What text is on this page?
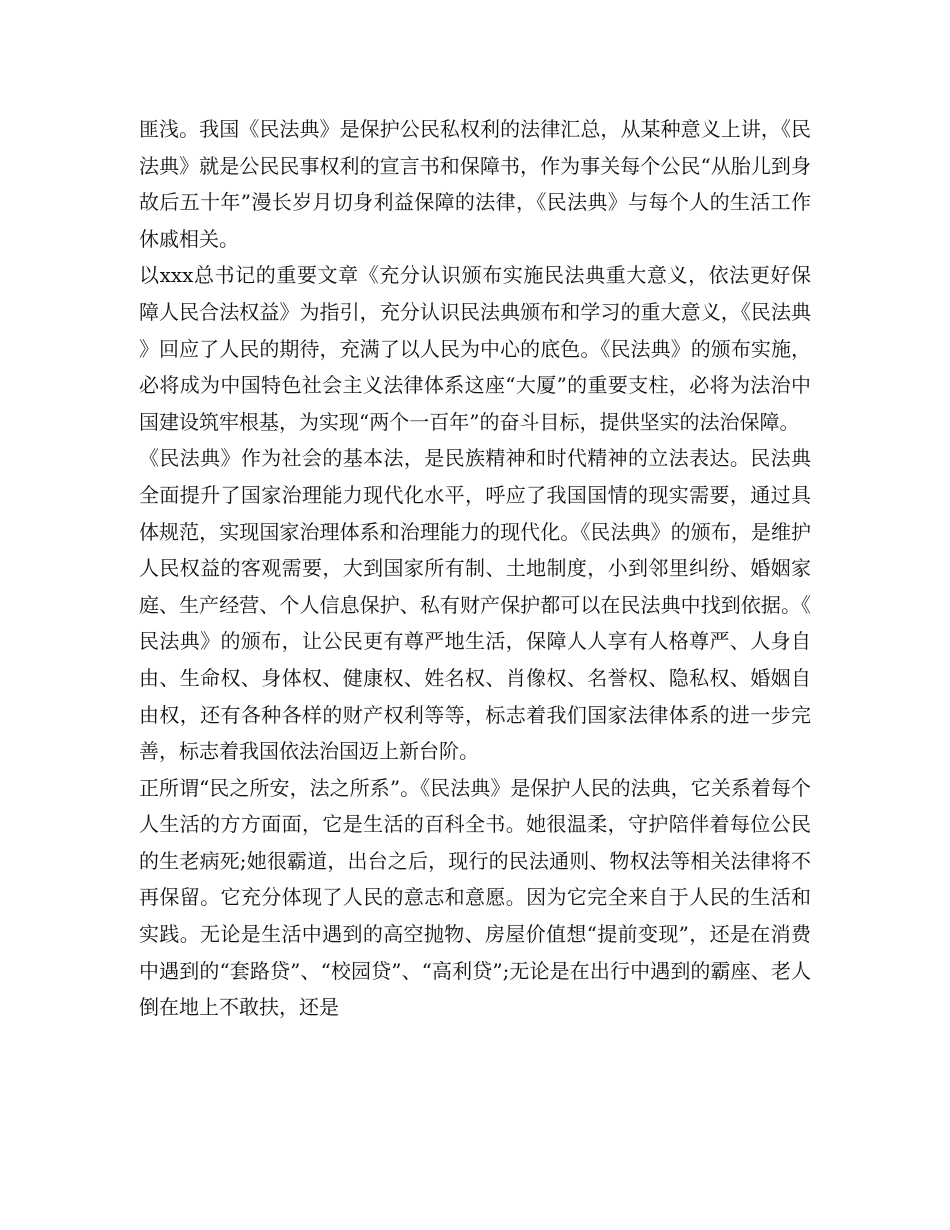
匪浅。我国《民法典》是保护公民私权利的法律汇总，从某种意义上讲，《民法典》就是公民民事权利的宣言书和保障书，作为事关每个公民“从胎儿到身故后五十年”漫长岁月切身利益保障的法律，《民法典》与每个人的生活工作休戚相关。

以xxx总书记的重要文章《充分认识颁布实施民法典重大意义，依法更好保障人民合法权益》为指引，充分认识民法典颁布和学习的重大意义，《民法典》回应了人民的期待，充满了以人民为中心的底色。《民法典》的颁布实施，必将成为中国特色社会主义法律体系这座“大厦”的重要支柱，必将为法治中国建设筑牢根基，为实现“两个一百年”的奋斗目标，提供坚实的法治保障。

《民法典》作为社会的基本法，是民族精神和时代精神的立法表达。民法典全面提升了国家治理能力现代化水平，呼应了我国国情的现实需要，通过具体规范，实现国家治理体系和治理能力的现代化。《民法典》的颁布，是维护人民权益的客观需要，大到国家所有制、土地制度，小到邻里纠纷、婚姻家庭、生产经营、个人信息保护、私有财产保护都可以在民法典中找到依据。《民法典》的颁布，让公民更有尊严地生活，保障人人享有人格尊严、人身自由、生命权、身体权、健康权、姓名权、肖像权、名誉权、隐私权、婚姻自由权，还有各种各样的财产权利等等，标志着我们国家法律体系的进一步完善，标志着我国依法治国迈上新台阶。

正所谓“民之所安，法之所系”。《民法典》是保护人民的法典，它关系着每个人生活的方方面面，它是生活的百科全书。她很温柔，守护陪伴着每位公民的生老病死;她很霸道，出台之后，现行的民法通则、物权法等相关法律将不再保留。它充分体现了人民的意志和意愿。因为它完全来自于人民的生活和实践。无论是生活中遇到的高空抛物、房屋价值想“提前变现”，还是在消费中遇到的“套路贷”、“校园贷”、“高利贷”;无论是在出行中遇到的霸座、老人倒在地上不敢扶，还是
